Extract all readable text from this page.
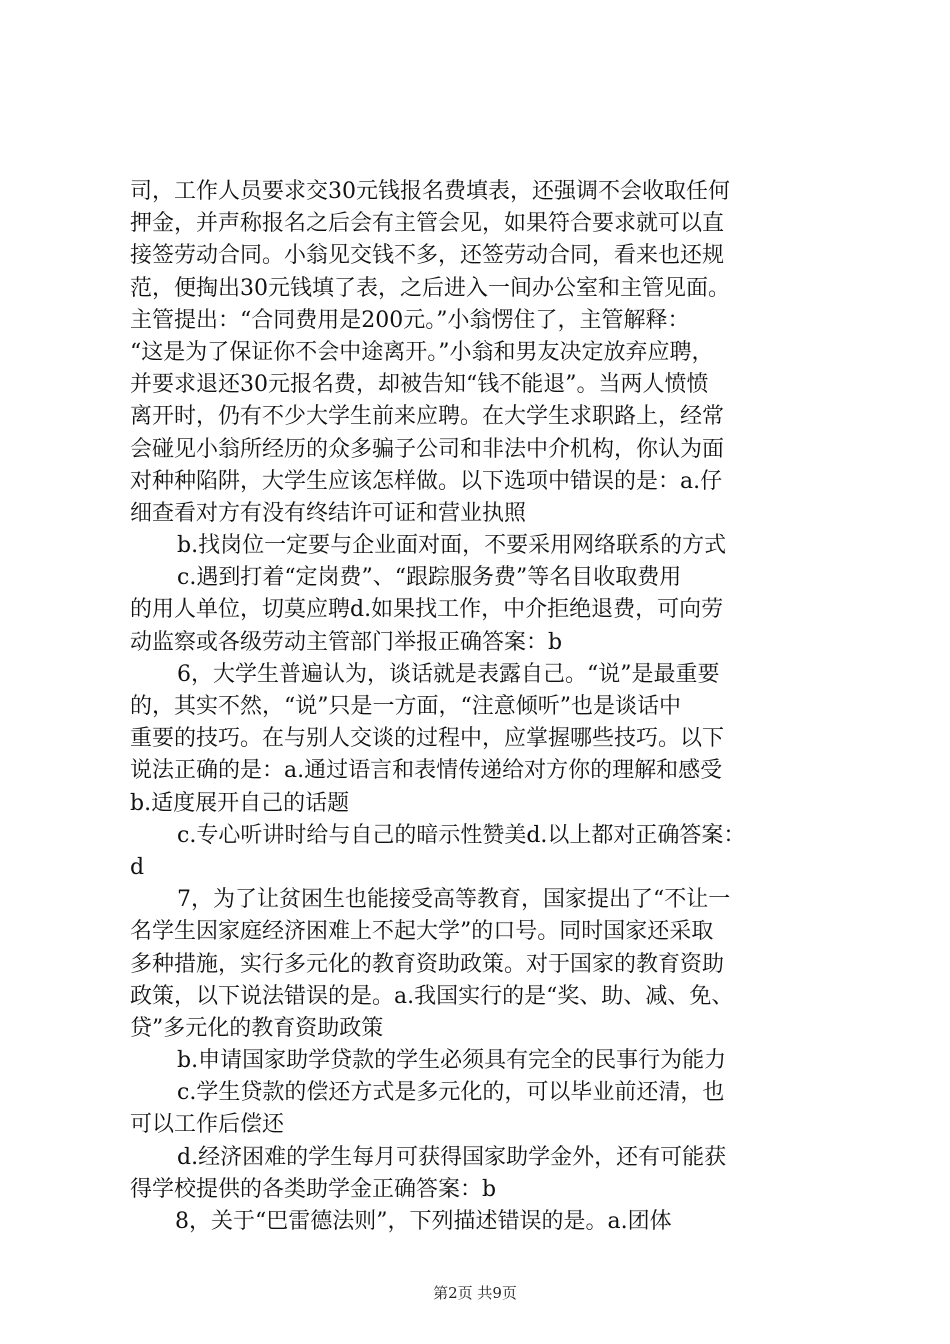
司，工作人员要求交30元钱报名费填表，还强调不会收取任何
押金，并声称报名之后会有主管会见，如果符合要求就可以直
接签劳动合同。小翁见交钱不多，还签劳动合同，看来也还规
范，便掏出30元钱填了表，之后进入一间办公室和主管见面。
主管提出：“合同费用是200元。”小翁愣住了，主管解释：
“这是为了保证你不会中途离开。”小翁和男友决定放弃应聘，
并要求退还30元报名费，却被告知“钱不能退”。当两人愤愤
离开时，仍有不少大学生前来应聘。在大学生求职路上，经常
会碰见小翁所经历的众多骗子公司和非法中介机构，你认为面
对种种陷阱，大学生应该怎样做。以下选项中错误的是：a.仔
细查看对方有没有终结许可证和营业执照
b.找岗位一定要与企业面对面，不要采用网络联系的方式
c.遇到打着“定岗费”、“跟踪服务费”等名目收取费用
的用人单位，切莫应聘d.如果找工作，中介拒绝退费，可向劳
动监察或各级劳动主管部门举报正确答案：b
6，大学生普遍认为，谈话就是表露自己。“说”是最重要
的，其实不然，“说”只是一方面，“注意倾听”也是谈话中
重要的技巧。在与别人交谈的过程中，应掌握哪些技巧。以下
说法正确的是：a.通过语言和表情传递给对方你的理解和感受
b.适度展开自己的话题
c.专心听讲时给与自己的暗示性赞美d.以上都对正确答案：
d
7，为了让贫困生也能接受高等教育，国家提出了“不让一
名学生因家庭经济困难上不起大学”的口号。同时国家还采取
多种措施，实行多元化的教育资助政策。对于国家的教育资助
政策，以下说法错误的是。a.我国实行的是“奖、助、减、免、
贷”多元化的教育资助政策
b.申请国家助学贷款的学生必须具有完全的民事行为能力
c.学生贷款的偿还方式是多元化的，可以毕业前还清，也
可以工作后偿还
d.经济困难的学生每月可获得国家助学金外，还有可能获
得学校提供的各类助学金正确答案：b
8，关于“巴雷德法则”，下列描述错误的是。a.团体
第2页 共9页
